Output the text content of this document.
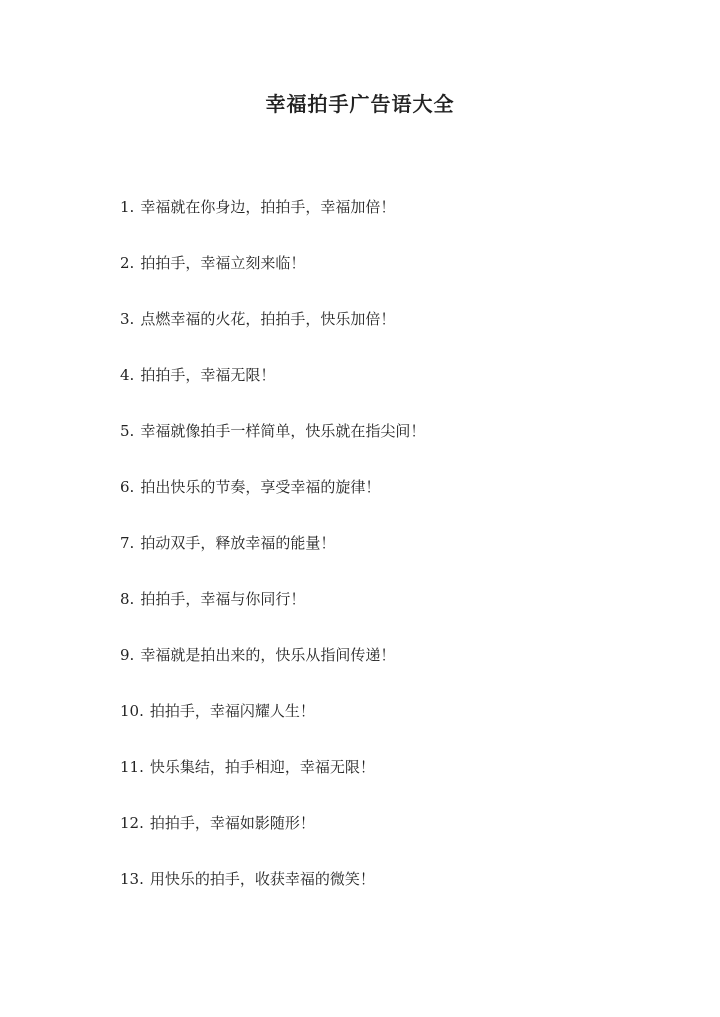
幸福拍手广告语大全
1. 幸福就在你身边，拍拍手，幸福加倍！
2. 拍拍手，幸福立刻来临！
3. 点燃幸福的火花，拍拍手，快乐加倍！
4. 拍拍手，幸福无限！
5. 幸福就像拍手一样简单，快乐就在指尖间！
6. 拍出快乐的节奏，享受幸福的旋律！
7. 拍动双手，释放幸福的能量！
8. 拍拍手，幸福与你同行！
9. 幸福就是拍出来的，快乐从指间传递！
10. 拍拍手，幸福闪耀人生！
11. 快乐集结，拍手相迎，幸福无限！
12. 拍拍手，幸福如影随形！
13. 用快乐的拍手，收获幸福的微笑！
